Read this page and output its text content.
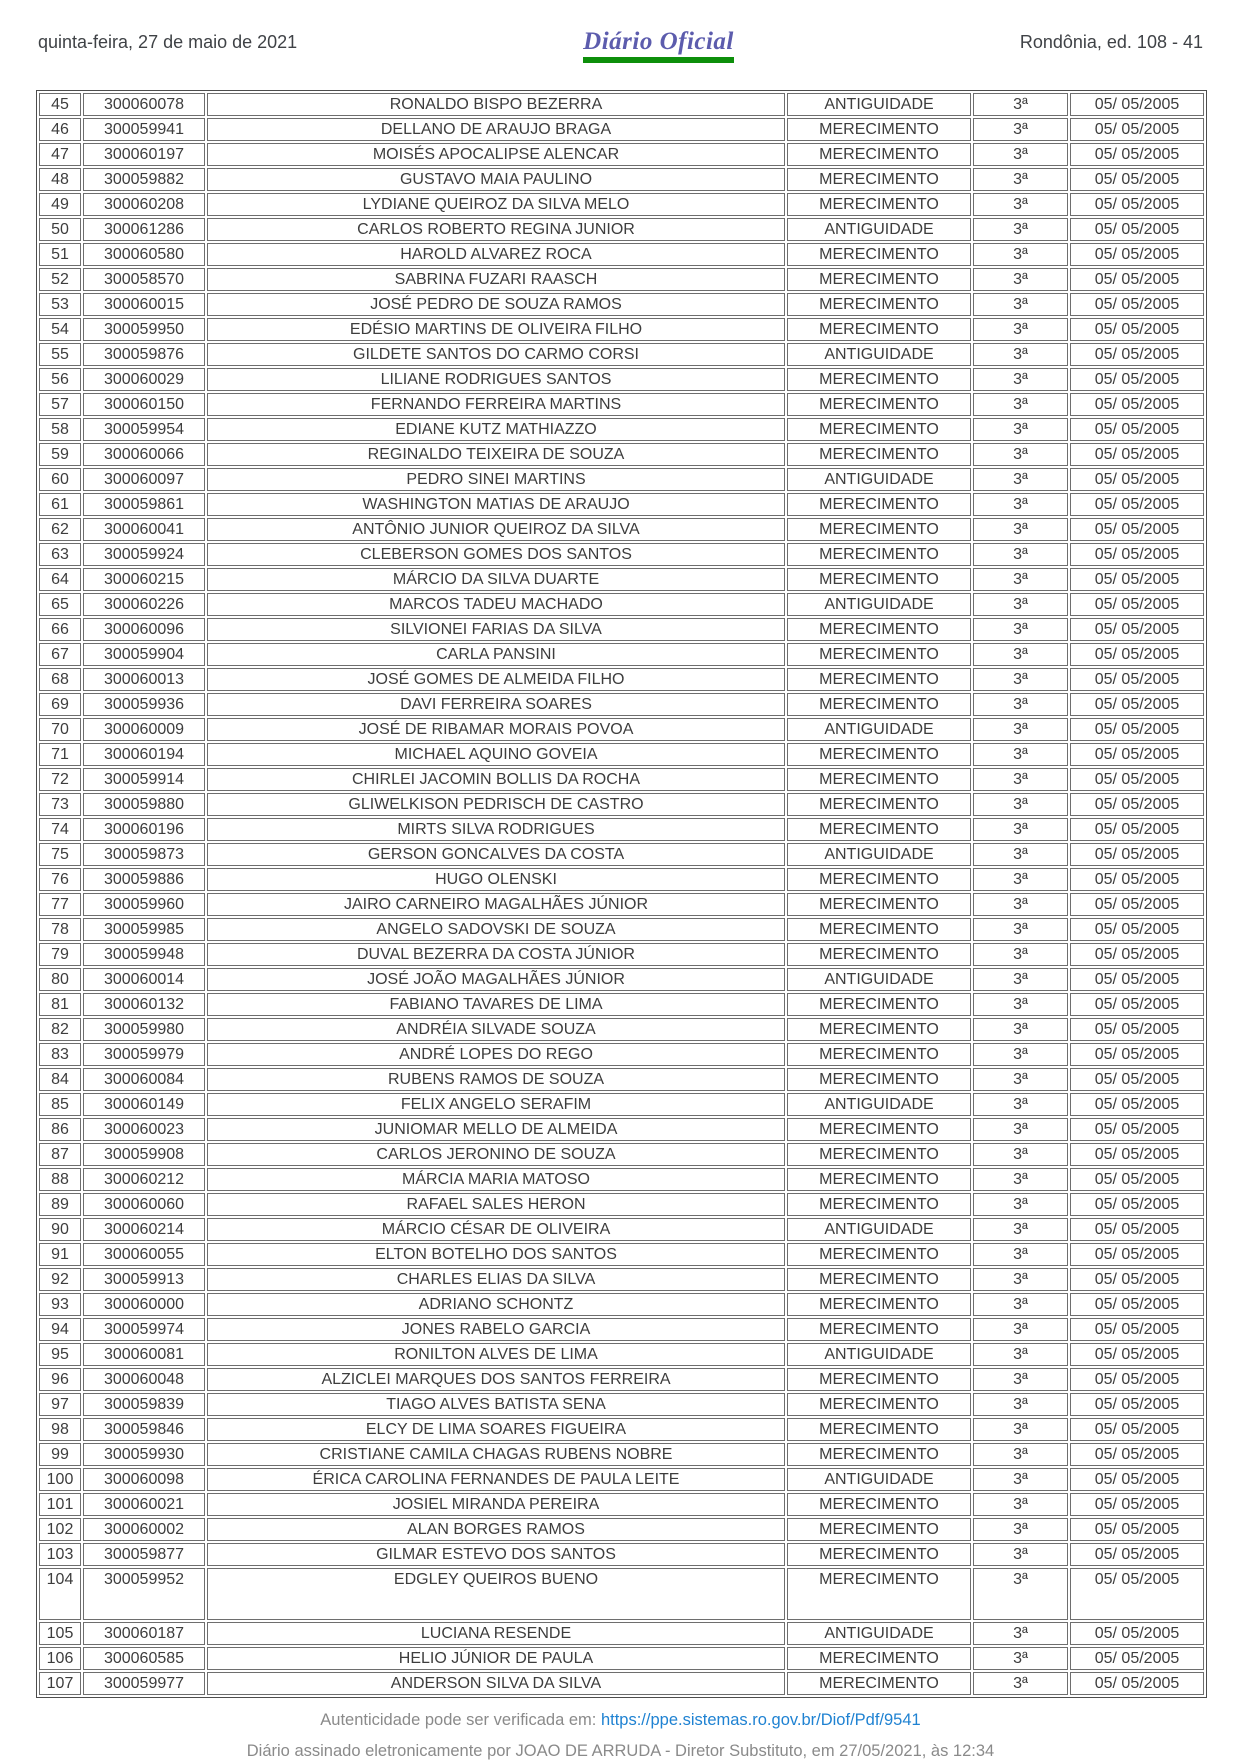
quinta-feira, 27 de maio de 2021	Diário Oficial	Rondônia, ed. 108 - 41
45	300060078	RONALDO BISPO BEZERRA	ANTIGUIDADE	3ª	05/ 05/2005
46	300059941	DELLANO DE ARAUJO BRAGA	MERECIMENTO	3ª	05/ 05/2005
47	300060197	MOISÉS APOCALIPSE ALENCAR	MERECIMENTO	3ª	05/ 05/2005
48	300059882	GUSTAVO MAIA PAULINO	MERECIMENTO	3ª	05/ 05/2005
49	300060208	LYDIANE QUEIROZ DA SILVA MELO	MERECIMENTO	3ª	05/ 05/2005
50	300061286	CARLOS ROBERTO REGINA JUNIOR	ANTIGUIDADE	3ª	05/ 05/2005
51	300060580	HAROLD ALVAREZ ROCA	MERECIMENTO	3ª	05/ 05/2005
52	300058570	SABRINA FUZARI RAASCH	MERECIMENTO	3ª	05/ 05/2005
53	300060015	JOSÉ PEDRO DE SOUZA RAMOS	MERECIMENTO	3ª	05/ 05/2005
54	300059950	EDÉSIO MARTINS DE OLIVEIRA FILHO	MERECIMENTO	3ª	05/ 05/2005
55	300059876	GILDETE SANTOS DO CARMO CORSI	ANTIGUIDADE	3ª	05/ 05/2005
56	300060029	LILIANE RODRIGUES SANTOS	MERECIMENTO	3ª	05/ 05/2005
57	300060150	FERNANDO FERREIRA MARTINS	MERECIMENTO	3ª	05/ 05/2005
58	300059954	EDIANE KUTZ MATHIAZZO	MERECIMENTO	3ª	05/ 05/2005
59	300060066	REGINALDO TEIXEIRA DE SOUZA	MERECIMENTO	3ª	05/ 05/2005
60	300060097	PEDRO SINEI MARTINS	ANTIGUIDADE	3ª	05/ 05/2005
61	300059861	WASHINGTON MATIAS DE ARAUJO	MERECIMENTO	3ª	05/ 05/2005
62	300060041	ANTÔNIO JUNIOR QUEIROZ DA SILVA	MERECIMENTO	3ª	05/ 05/2005
63	300059924	CLEBERSON GOMES DOS SANTOS	MERECIMENTO	3ª	05/ 05/2005
64	300060215	MÁRCIO DA SILVA DUARTE	MERECIMENTO	3ª	05/ 05/2005
65	300060226	MARCOS TADEU MACHADO	ANTIGUIDADE	3ª	05/ 05/2005
66	300060096	SILVIONEI FARIAS DA SILVA	MERECIMENTO	3ª	05/ 05/2005
67	300059904	CARLA PANSINI	MERECIMENTO	3ª	05/ 05/2005
68	300060013	JOSÉ GOMES DE ALMEIDA FILHO	MERECIMENTO	3ª	05/ 05/2005
69	300059936	DAVI FERREIRA SOARES	MERECIMENTO	3ª	05/ 05/2005
70	300060009	JOSÉ DE RIBAMAR MORAIS POVOA	ANTIGUIDADE	3ª	05/ 05/2005
71	300060194	MICHAEL AQUINO GOVEIA	MERECIMENTO	3ª	05/ 05/2005
72	300059914	CHIRLEI JACOMIN BOLLIS DA ROCHA	MERECIMENTO	3ª	05/ 05/2005
73	300059880	GLIWELKISON PEDRISCH DE CASTRO	MERECIMENTO	3ª	05/ 05/2005
74	300060196	MIRTS SILVA RODRIGUES	MERECIMENTO	3ª	05/ 05/2005
75	300059873	GERSON GONCALVES DA COSTA	ANTIGUIDADE	3ª	05/ 05/2005
76	300059886	HUGO OLENSKI	MERECIMENTO	3ª	05/ 05/2005
77	300059960	JAIRO CARNEIRO MAGALHÃES JÚNIOR	MERECIMENTO	3ª	05/ 05/2005
78	300059985	ANGELO SADOVSKI DE SOUZA	MERECIMENTO	3ª	05/ 05/2005
79	300059948	DUVAL BEZERRA DA COSTA JÚNIOR	MERECIMENTO	3ª	05/ 05/2005
80	300060014	JOSÉ JOÃO MAGALHÃES JÚNIOR	ANTIGUIDADE	3ª	05/ 05/2005
81	300060132	FABIANO TAVARES DE LIMA	MERECIMENTO	3ª	05/ 05/2005
82	300059980	ANDRÉIA SILVADE SOUZA	MERECIMENTO	3ª	05/ 05/2005
83	300059979	ANDRÉ LOPES DO REGO	MERECIMENTO	3ª	05/ 05/2005
84	300060084	RUBENS RAMOS DE SOUZA	MERECIMENTO	3ª	05/ 05/2005
85	300060149	FELIX ANGELO SERAFIM	ANTIGUIDADE	3ª	05/ 05/2005
86	300060023	JUNIOMAR MELLO DE ALMEIDA	MERECIMENTO	3ª	05/ 05/2005
87	300059908	CARLOS JERONINO DE SOUZA	MERECIMENTO	3ª	05/ 05/2005
88	300060212	MÁRCIA MARIA MATOSO	MERECIMENTO	3ª	05/ 05/2005
89	300060060	RAFAEL SALES HERON	MERECIMENTO	3ª	05/ 05/2005
90	300060214	MÁRCIO CÉSAR DE OLIVEIRA	ANTIGUIDADE	3ª	05/ 05/2005
91	300060055	ELTON BOTELHO DOS SANTOS	MERECIMENTO	3ª	05/ 05/2005
92	300059913	CHARLES ELIAS DA SILVA	MERECIMENTO	3ª	05/ 05/2005
93	300060000	ADRIANO SCHONTZ	MERECIMENTO	3ª	05/ 05/2005
94	300059974	JONES RABELO GARCIA	MERECIMENTO	3ª	05/ 05/2005
95	300060081	RONILTON ALVES DE LIMA	ANTIGUIDADE	3ª	05/ 05/2005
96	300060048	ALZICLEI MARQUES DOS SANTOS FERREIRA	MERECIMENTO	3ª	05/ 05/2005
97	300059839	TIAGO ALVES BATISTA SENA	MERECIMENTO	3ª	05/ 05/2005
98	300059846	ELCY DE LIMA SOARES FIGUEIRA	MERECIMENTO	3ª	05/ 05/2005
99	300059930	CRISTIANE CAMILA CHAGAS RUBENS NOBRE	MERECIMENTO	3ª	05/ 05/2005
100	300060098	ÉRICA CAROLINA FERNANDES DE PAULA LEITE	ANTIGUIDADE	3ª	05/ 05/2005
101	300060021	JOSIEL MIRANDA PEREIRA	MERECIMENTO	3ª	05/ 05/2005
102	300060002	ALAN BORGES RAMOS	MERECIMENTO	3ª	05/ 05/2005
103	300059877	GILMAR ESTEVO DOS SANTOS	MERECIMENTO	3ª	05/ 05/2005
104	300059952	EDGLEY QUEIROS BUENO	MERECIMENTO	3ª	05/ 05/2005
105	300060187	LUCIANA RESENDE	ANTIGUIDADE	3ª	05/ 05/2005
106	300060585	HELIO JÚNIOR DE PAULA	MERECIMENTO	3ª	05/ 05/2005
107	300059977	ANDERSON SILVA DA SILVA	MERECIMENTO	3ª	05/ 05/2005
Autenticidade pode ser verificada em: https://ppe.sistemas.ro.gov.br/Diof/Pdf/9541
Diário assinado eletronicamente por JOAO DE ARRUDA - Diretor Substituto, em 27/05/2021, às 12:34
